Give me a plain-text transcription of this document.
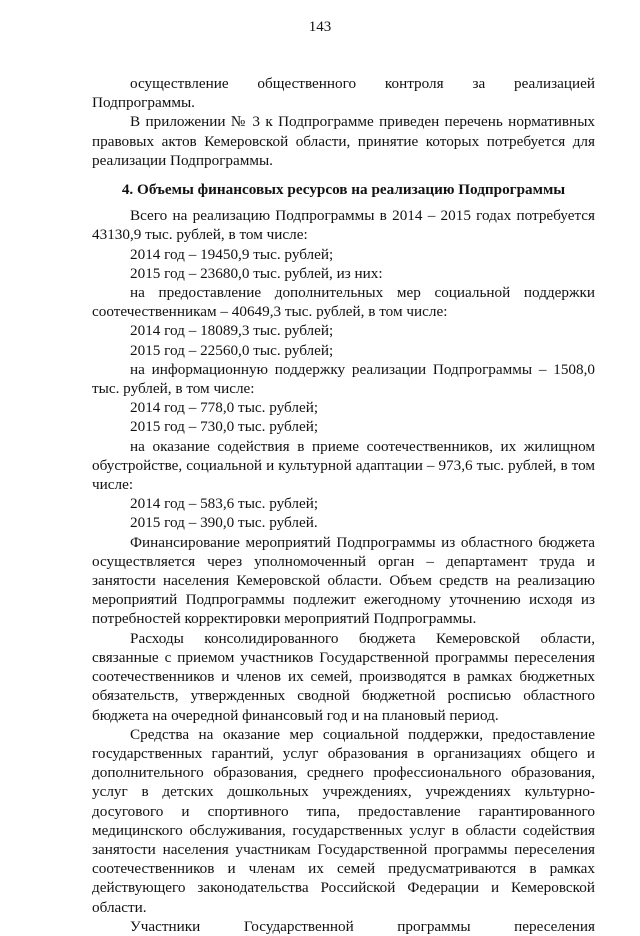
143

осуществление общественного контроля за реализацией Подпрограммы.

В приложении № 3 к Подпрограмме приведен перечень нормативных правовых актов Кемеровской области, принятие которых потребуется для реализации Подпрограммы.

4. Объемы финансовых ресурсов на реализацию Подпрограммы

Всего на реализацию Подпрограммы в 2014 – 2015 годах потребуется 43130,9 тыс. рублей, в том числе:

2014 год – 19450,9 тыс. рублей;

2015 год – 23680,0 тыс. рублей, из них:

на предоставление дополнительных мер социальной поддержки соотечественникам – 40649,3 тыс. рублей, в том числе:

2014 год – 18089,3 тыс. рублей;

2015 год – 22560,0 тыс. рублей;

на информационную поддержку реализации Подпрограммы – 1508,0 тыс. рублей, в том числе:

2014 год – 778,0 тыс. рублей;

2015 год – 730,0 тыс. рублей;

на оказание содействия в приеме соотечественников, их жилищном обустройстве, социальной и культурной адаптации – 973,6 тыс. рублей, в том числе:

2014 год – 583,6 тыс. рублей;

2015 год – 390,0 тыс. рублей.

Финансирование мероприятий Подпрограммы из областного бюджета осуществляется через уполномоченный орган – департамент труда и занятости населения Кемеровской области. Объем средств на реализацию мероприятий Подпрограммы подлежит ежегодному уточнению исходя из потребностей корректировки мероприятий Подпрограммы.

Расходы консолидированного бюджета Кемеровской области, связанные с приемом участников Государственной программы переселения соотечественников и членов их семей, производятся в рамках бюджетных обязательств, утвержденных сводной бюджетной росписью областного бюджета на очередной финансовый год и на плановый период.

Средства на оказание мер социальной поддержки, предоставление государственных гарантий, услуг образования в организациях общего и дополнительного образования, среднего профессионального образования, услуг в детских дошкольных учреждениях, учреждениях культурно-досугового и спортивного типа, предоставление гарантированного медицинского обслуживания, государственных услуг в области содействия занятости населения участникам Государственной программы переселения соотечественников и членам их семей предусматриваются в рамках действующего законодательства Российской Федерации и Кемеровской области.

Участники Государственной программы переселения
